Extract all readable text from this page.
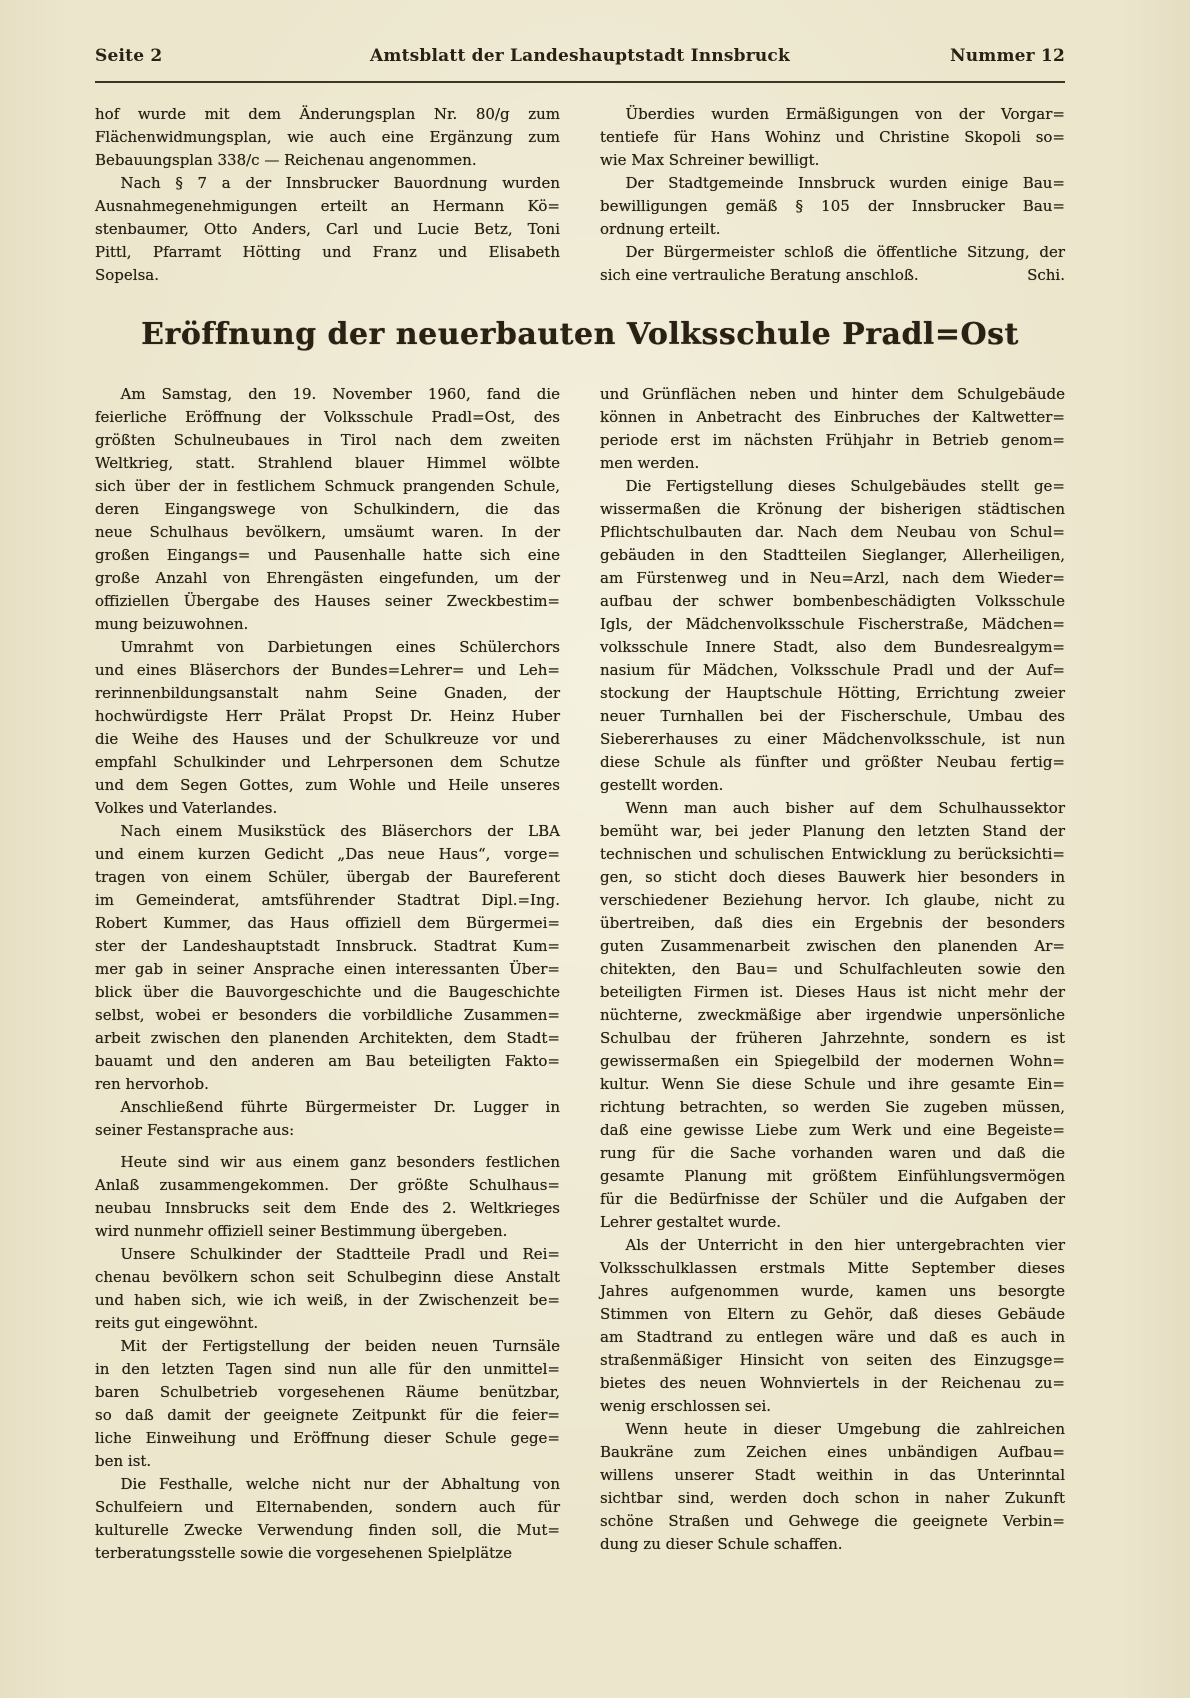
Seite 2	Amtsblatt der Landeshauptstadt Innsbruck	Nummer 12
hof wurde mit dem Änderungsplan Nr. 80/g zum
Flächenwidmungsplan, wie auch eine Ergänzung zum
Bebauungsplan 338/c — Reichenau angenommen.
Nach § 7 a der Innsbrucker Bauordnung wurden
Ausnahmegenehmigungen erteilt an Hermann Kö=
stenbaumer, Otto Anders, Carl und Lucie Betz, Toni
Pittl, Pfarramt Hötting und Franz und Elisabeth
Sopelsa.
Überdies wurden Ermäßigungen von der Vorgar=
tentiefe für Hans Wohinz und Christine Skopoli so=
wie Max Schreiner bewilligt.
Der Stadtgemeinde Innsbruck wurden einige Bau=
bewilligungen gemäß § 105 der Innsbrucker Bau=
ordnung erteilt.
Der Bürgermeister schloß die öffentliche Sitzung, der
sich eine vertrauliche Beratung anschloß.	Schi.
Eröffnung der neuerbauten Volksschule Pradl=Ost
Am Samstag, den 19. November 1960, fand die
feierliche Eröffnung der Volksschule Pradl=Ost, des
größten Schulneubaues in Tirol nach dem zweiten
Weltkrieg, statt. Strahlend blauer Himmel wölbte
sich über der in festlichem Schmuck prangenden Schule,
deren Eingangswege von Schulkindern, die das
neue Schulhaus bevölkern, umsäumt waren. In der
großen Eingangs= und Pausenhalle hatte sich eine
große Anzahl von Ehrengästen eingefunden, um der
offiziellen Übergabe des Hauses seiner Zweckbestim=
mung beizuwohnen.
Umrahmt von Darbietungen eines Schülerchors
und eines Bläserchors der Bundes=Lehrer= und Leh=
rerinnenbildungsanstalt nahm Seine Gnaden, der
hochwürdigste Herr Prälat Propst Dr. Heinz Huber
die Weihe des Hauses und der Schulkreuze vor und
empfahl Schulkinder und Lehrpersonen dem Schutze
und dem Segen Gottes, zum Wohle und Heile unseres
Volkes und Vaterlandes.
Nach einem Musikstück des Bläserchors der LBA
und einem kurzen Gedicht „Das neue Haus“, vorge=
tragen von einem Schüler, übergab der Baureferent
im Gemeinderat, amtsführender Stadtrat Dipl.=Ing.
Robert Kummer, das Haus offiziell dem Bürgermei=
ster der Landeshauptstadt Innsbruck. Stadtrat Kum=
mer gab in seiner Ansprache einen interessanten Über=
blick über die Bauvorgeschichte und die Baugeschichte
selbst, wobei er besonders die vorbildliche Zusammen=
arbeit zwischen den planenden Architekten, dem Stadt=
bauamt und den anderen am Bau beteiligten Fakto=
ren hervorhob.
Anschließend führte Bürgermeister Dr. Lugger in
seiner Festansprache aus:
Heute sind wir aus einem ganz besonders festlichen
Anlaß zusammengekommen. Der größte Schulhaus=
neubau Innsbrucks seit dem Ende des 2. Weltkrieges
wird nunmehr offiziell seiner Bestimmung übergeben.
Unsere Schulkinder der Stadtteile Pradl und Rei=
chenau bevölkern schon seit Schulbeginn diese Anstalt
und haben sich, wie ich weiß, in der Zwischenzeit be=
reits gut eingewöhnt.
Mit der Fertigstellung der beiden neuen Turnsäle
in den letzten Tagen sind nun alle für den unmittel=
baren Schulbetrieb vorgesehenen Räume benützbar,
so daß damit der geeignete Zeitpunkt für die feier=
liche Einweihung und Eröffnung dieser Schule gege=
ben ist.
Die Festhalle, welche nicht nur der Abhaltung von
Schulfeiern und Elternabenden, sondern auch für
kulturelle Zwecke Verwendung finden soll, die Mut=
terberatungsstelle sowie die vorgesehenen Spielplätze
und Grünflächen neben und hinter dem Schulgebäude
können in Anbetracht des Einbruches der Kaltwetter=
periode erst im nächsten Frühjahr in Betrieb genom=
men werden.
Die Fertigstellung dieses Schulgebäudes stellt ge=
wissermaßen die Krönung der bisherigen städtischen
Pflichtschulbauten dar. Nach dem Neubau von Schul=
gebäuden in den Stadtteilen Sieglanger, Allerheiligen,
am Fürstenweg und in Neu=Arzl, nach dem Wieder=
aufbau der schwer bombenbeschädigten Volksschule
Igls, der Mädchenvolksschule Fischerstraße, Mädchen=
volksschule Innere Stadt, also dem Bundesrealgym=
nasium für Mädchen, Volksschule Pradl und der Auf=
stockung der Hauptschule Hötting, Errichtung zweier
neuer Turnhallen bei der Fischerschule, Umbau des
Siebererhauses zu einer Mädchenvolksschule, ist nun
diese Schule als fünfter und größter Neubau fertig=
gestellt worden.
Wenn man auch bisher auf dem Schulhaussektor
bemüht war, bei jeder Planung den letzten Stand der
technischen und schulischen Entwicklung zu berücksichti=
gen, so sticht doch dieses Bauwerk hier besonders in
verschiedener Beziehung hervor. Ich glaube, nicht zu
übertreiben, daß dies ein Ergebnis der besonders
guten Zusammenarbeit zwischen den planenden Ar=
chitekten, den Bau= und Schulfachleuten sowie den
beteiligten Firmen ist. Dieses Haus ist nicht mehr der
nüchterne, zweckmäßige aber irgendwie unpersönliche
Schulbau der früheren Jahrzehnte, sondern es ist
gewissermaßen ein Spiegelbild der modernen Wohn=
kultur. Wenn Sie diese Schule und ihre gesamte Ein=
richtung betrachten, so werden Sie zugeben müssen,
daß eine gewisse Liebe zum Werk und eine Begeiste=
rung für die Sache vorhanden waren und daß die
gesamte Planung mit größtem Einfühlungsvermögen
für die Bedürfnisse der Schüler und die Aufgaben der
Lehrer gestaltet wurde.
Als der Unterricht in den hier untergebrachten vier
Volksschulklassen erstmals Mitte September dieses
Jahres aufgenommen wurde, kamen uns besorgte
Stimmen von Eltern zu Gehör, daß dieses Gebäude
am Stadtrand zu entlegen wäre und daß es auch in
straßenmäßiger Hinsicht von seiten des Einzugsge=
bietes des neuen Wohnviertels in der Reichenau zu=
wenig erschlossen sei.
Wenn heute in dieser Umgebung die zahlreichen
Baukräne zum Zeichen eines unbändigen Aufbau=
willens unserer Stadt weithin in das Unterinntal
sichtbar sind, werden doch schon in naher Zukunft
schöne Straßen und Gehwege die geeignete Verbin=
dung zu dieser Schule schaffen.
